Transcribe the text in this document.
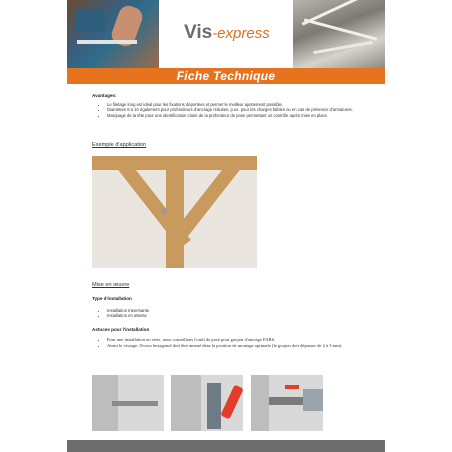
Vis-express
Fiche Technique
Avantages:
• Le filetage long est idéal pour les fixations déportées et permet le meilleur ajustement possible.
• Diamètres 8 à 10 également pour profondeurs d'ancrage réduites, p.ex. pour les charges faibles ou en cas de présence d'armatures.
• Marquage de la tête pour une identification claire de la profondeur de pose permettant un contrôle après mise en place.
Exemple d'application
Mise en œuvre
Type d'installation
• Installation traversante
• Installation en attente
Astuces pour l'installation
• Pour une installation en série, nous conseillons l'outil de pose pour goujon d'ancrage FABS.
• Avant le vissage, l'écrou hexagonal doit être amené dans la position de montage optimale (le goujon doit dépasser de 2 à 3 mm).
